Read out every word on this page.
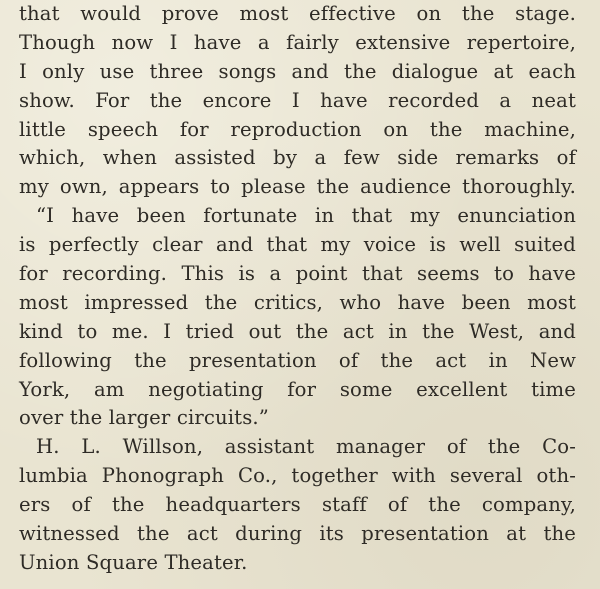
that would prove most effective on the stage.
Though now I have a fairly extensive repertoire,
I only use three songs and the dialogue at each
show. For the encore I have recorded a neat
little speech for reproduction on the machine,
which, when assisted by a few side remarks of
my own, appears to please the audience thoroughly.
“I have been fortunate in that my enunciation
is perfectly clear and that my voice is well suited
for recording. This is a point that seems to have
most impressed the critics, who have been most
kind to me. I tried out the act in the West, and
following the presentation of the act in New
York, am negotiating for some excellent time
over the larger circuits.”
H. L. Willson, assistant manager of the Co-
lumbia Phonograph Co., together with several oth-
ers of the headquarters staff of the company,
witnessed the act during its presentation at the
Union Square Theater.
